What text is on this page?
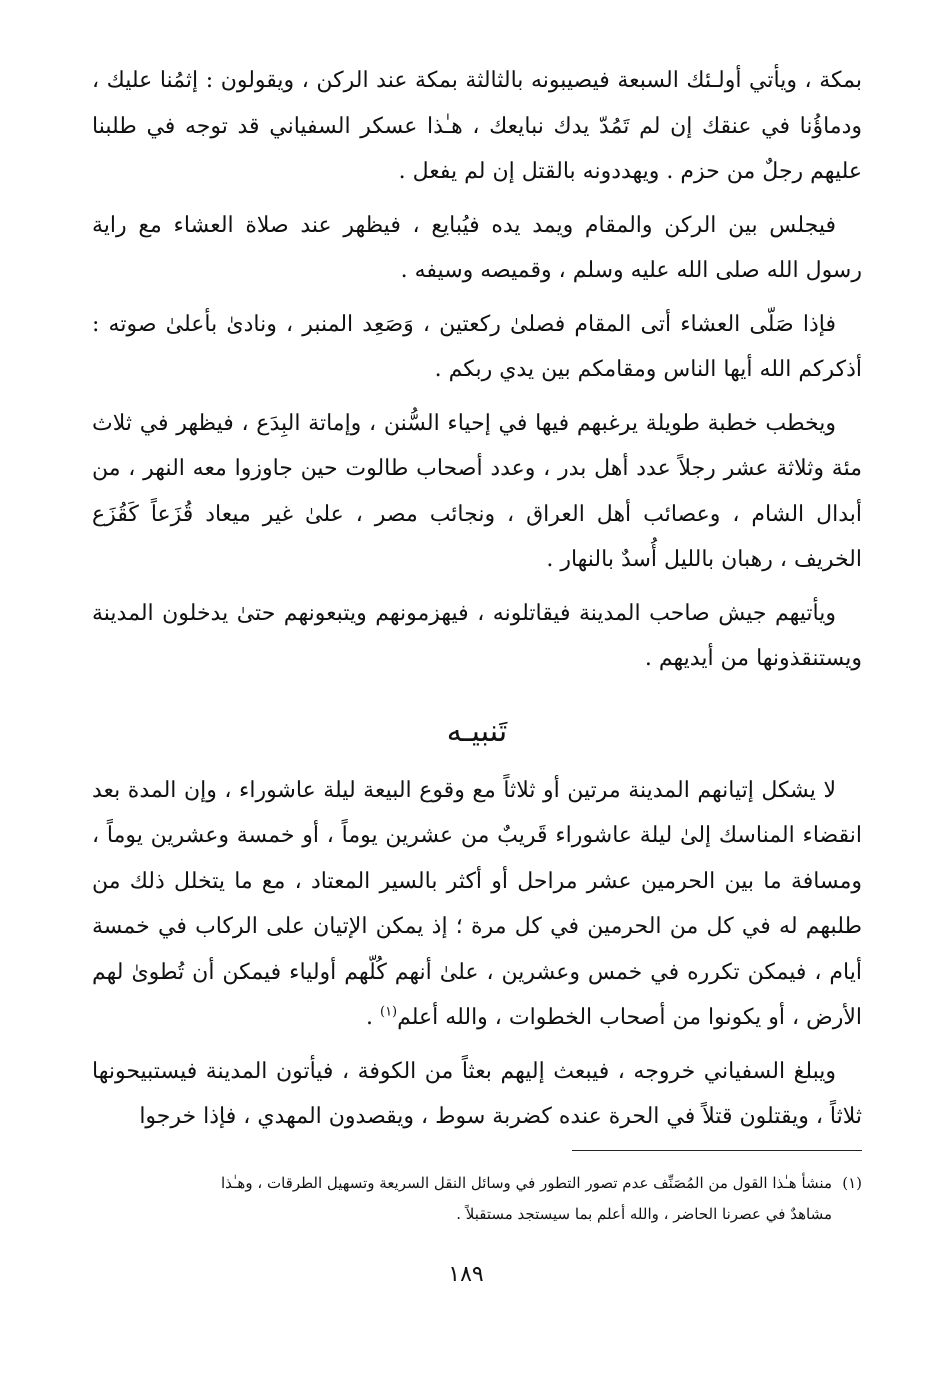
بمكة ، ويأتي أولـئك السبعة فيصيبونه بالثالثة بمكة عند الركن ، ويقولون : إثمُنا عليك ، ودماؤُنا في عنقك إن لم تَمُدّ يدك نبايعك ، هـٰذا عسكر السفياني قد توجه في طلبنا عليهم رجلٌ من حزم . ويهددونه بالقتل إن لم يفعل .

فيجلس بين الركن والمقام ويمد يده فيُبايع ، فيظهر عند صلاة العشاء مع راية رسول الله صلى الله عليه وسلم ، وقميصه وسيفه .

فإذا صَلّى العشاء أتى المقام فصلىٰ ركعتين ، وَصَعِد المنبر ، ونادىٰ بأعلىٰ صوته : أذكركم الله أيها الناس ومقامكم بين يدي ربكم .

ويخطب خطبة طويلة يرغبهم فيها في إحياء السُّنن ، وإماتة البِدَع ، فيظهر في ثلاث مئة وثلاثة عشر رجلاً عدد أهل بدر ، وعدد أصحاب طالوت حين جاوزوا معه النهر ، من أبدال الشام ، وعصائب أهل العراق ، ونجائب مصر ، علىٰ غير ميعاد قُزَعاً كَقُزَع الخريف ، رهبان بالليل أُسدٌ بالنهار .

ويأتيهم جيش صاحب المدينة فيقاتلونه ، فيهزمونهم ويتبعونهم حتىٰ يدخلون المدينة ويستنقذونها من أيديهم .

تَنبيـه

لا يشكل إتيانهم المدينة مرتين أو ثلاثاً مع وقوع البيعة ليلة عاشوراء ، وإن المدة بعد انقضاء المناسك إلىٰ ليلة عاشوراء قَريبٌ من عشرين يوماً ، أو خمسة وعشرين يوماً ، ومسافة ما بين الحرمين عشر مراحل أو أكثر بالسير المعتاد ، مع ما يتخلل ذلك من طلبهم له في كل من الحرمين في كل مرة ؛ إذ يمكن الإتيان على الركاب في خمسة أيام ، فيمكن تكرره في خمس وعشرين ، علىٰ أنهم كُلّهم أولياء فيمكن أن تُطوىٰ لهم الأرض ، أو يكونوا من أصحاب الخطوات ، والله أعلم$^{(١)}$ .

ويبلغ السفياني خروجه ، فيبعث إليهم بعثاً من الكوفة ، فيأتون المدينة فيستبيحونها ثلاثاً ، ويقتلون قتلاً في الحرة عنده كضربة سوط ، ويقصدون المهدي ، فإذا خرجوا

(١)منشأ هـٰذا القول من المُصَنِّف عدم تصور التطور في وسائل النقل السريعة وتسهيل الطرقات ، وهـٰذا
مشاهدٌ في عصرنا الحاضر ، والله أعلم بما سيستجد مستقبلاً .
١٨٩
